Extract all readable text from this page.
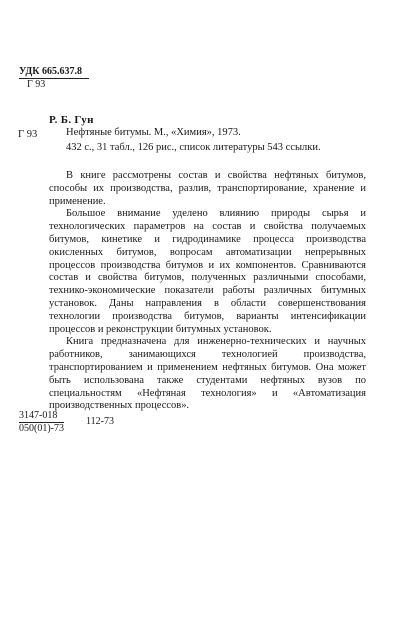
УДК 665.637.8
Г 93
Р. Б. Гун
Г 93	Нефтяные битумы. М., «Химия», 1973.
432 с., 31 табл., 126 рис., список литературы 543 ссылки.

В книге рассмотрены состав и свойства нефтяных битумов, способы их производства, разлив, транспортирование, хранение и применение.

Большое внимание уделено влиянию природы сырья и технологических параметров на состав и свойства получаемых битумов, кинетике и гидродинамике процесса производства окисленных битумов, вопросам автоматизации непрерывных процессов производства битумов и их компонентов. Сравниваются состав и свойства битумов, полученных различными способами, технико-экономические показатели работы различных битумных установок. Даны направления в области совершенствования технологии производства битумов, варианты интенсификации процессов и реконструкции битумных установок.

Книга предназначена для инженерно-технических и научных работников, занимающихся технологией производства, транспортированием и применением нефтяных битумов. Она может быть использована также студентами нефтяных вузов по специальностям «Нефтяная технология» и «Автоматизация производственных процессов».

$\frac{3147-018}{050(01)-73} 112-73$
